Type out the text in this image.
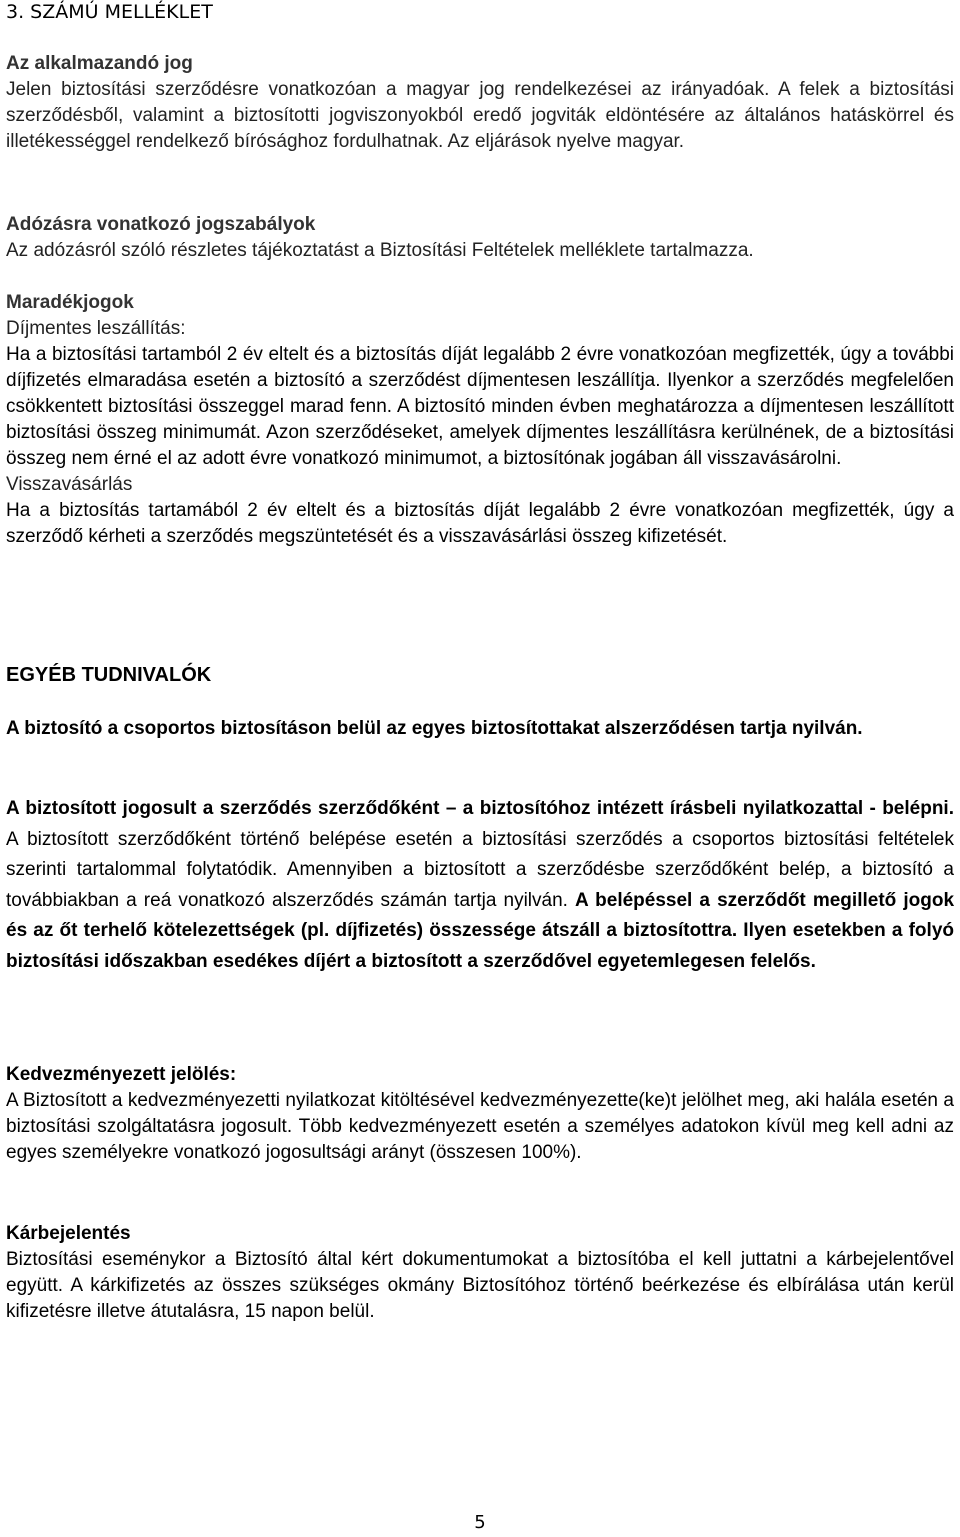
3. SZÁMÚ MELLÉKLET
Az alkalmazandó jog
Jelen biztosítási szerződésre vonatkozóan a magyar jog rendelkezései az irányadóak. A felek a biztosítási szerződésből, valamint a biztosítotti jogviszonyokból eredő jogviták eldöntésére az általános hatáskörrel és illetékességgel rendelkező bírósághoz fordulhatnak. Az eljárások nyelve magyar.
Adózásra vonatkozó jogszabályok
Az adózásról szóló részletes tájékoztatást a Biztosítási Feltételek melléklete tartalmazza.
Maradékjogok
Díjmentes leszállítás:
Ha a biztosítási tartamból 2 év eltelt és a biztosítás díját legalább 2 évre vonatkozóan megfizették, úgy a további díjfizetés elmaradása esetén a biztosító a szerződést díjmentesen leszállítja. Ilyenkor a szerződés megfelelően csökkentett biztosítási összeggel marad fenn. A biztosító minden évben meghatározza a díjmentesen leszállított biztosítási összeg minimumát. Azon szerződéseket, amelyek díjmentes leszállításra kerülnének, de a biztosítási összeg nem érné el az adott évre vonatkozó minimumot, a biztosítónak jogában áll visszavásárolni.
Visszavásárlás
Ha a biztosítás tartamából 2 év eltelt és a biztosítás díját legalább 2 évre vonatkozóan megfizették, úgy a szerződő kérheti a szerződés megszüntetését és a visszavásárlási összeg kifizetését.
EGYÉB TUDNIVALÓK
A biztosító a csoportos biztosításon belül az egyes biztosítottakat alszerződésen tartja nyilván.
A biztosított jogosult a szerződés szerződőként – a biztosítóhoz intézett írásbeli nyilatkozattal - belépni. A biztosított szerződőként történő belépése esetén a biztosítási szerződés a csoportos biztosítási feltételek szerinti tartalommal folytatódik. Amennyiben a biztosított a szerződésbe szerződőként belép, a biztosító a továbbiakban a reá vonatkozó alszerződés számán tartja nyilván. A belépéssel a szerződőt megillető jogok és az őt terhelő kötelezettségek (pl. díjfizetés) összessége átszáll a biztosítottra. Ilyen esetekben a folyó biztosítási időszakban esedékes díjért a biztosított a szerződővel egyetemlegesen felelős.
Kedvezményezett jelölés:
A Biztosított a kedvezményezetti nyilatkozat kitöltésével kedvezményezette(ke)t jelölhet meg, aki halála esetén a biztosítási szolgáltatásra jogosult. Több kedvezményezett esetén a személyes adatokon kívül meg kell adni az egyes személyekre vonatkozó jogosultsági arányt (összesen 100%).
Kárbejelentés
Biztosítási eseménykor a Biztosító által kért dokumentumokat a biztosítóba el kell juttatni a kárbejelentővel együtt. A kárkifizetés az összes szükséges okmány Biztosítóhoz történő beérkezése és elbírálása után kerül kifizetésre illetve átutalásra, 15 napon belül.
5
